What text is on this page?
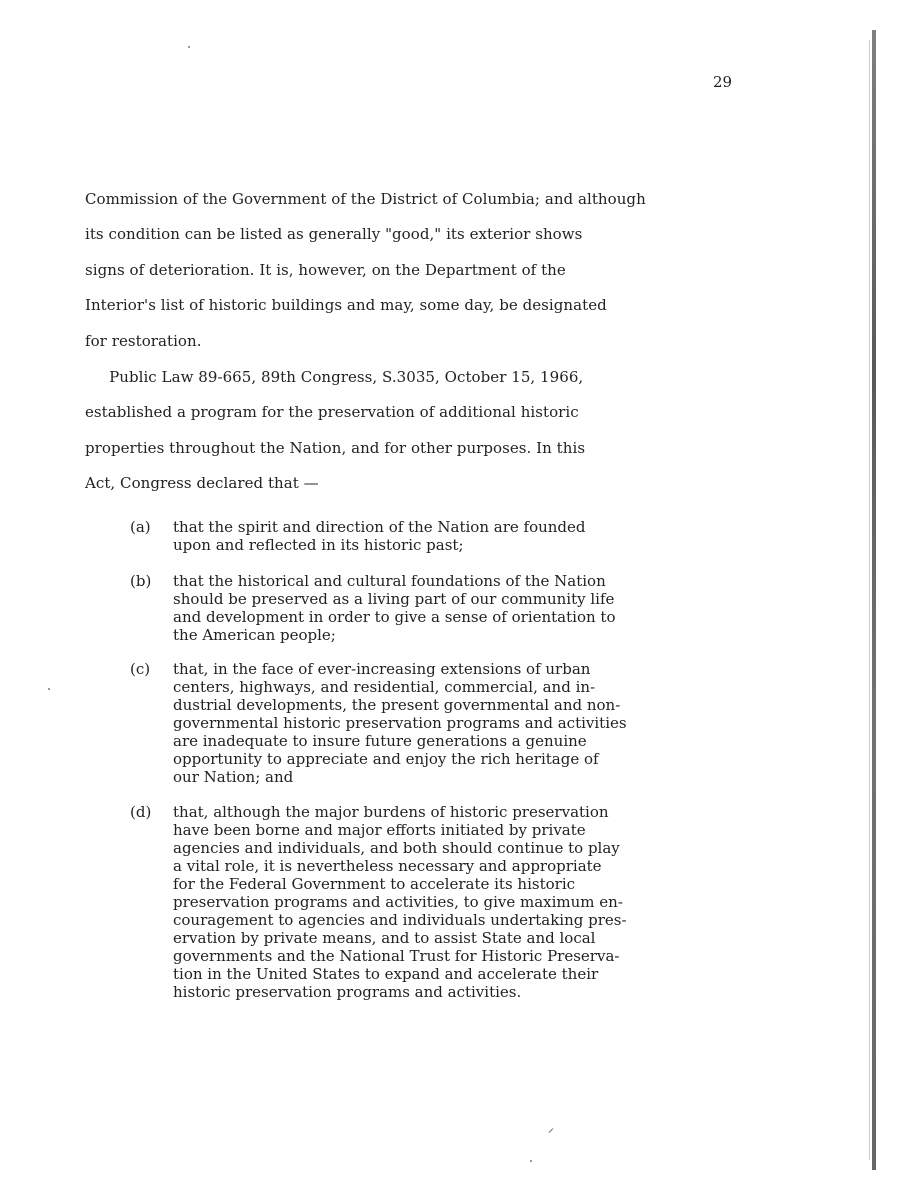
29
Commission of the Government of the District of Columbia; and although
its condition can be listed as generally "good," its exterior shows
signs of deterioration. It is, however, on the Department of the
Interior's list of historic buildings and may, some day, be designated
for restoration.
Public Law 89-665, 89th Congress, S.3035, October 15, 1966,
established a program for the preservation of additional historic
properties throughout the Nation, and for other purposes. In this
Act, Congress declared that —
(a) that the spirit and direction of the Nation are founded
upon and reflected in its historic past;
(b) that the historical and cultural foundations of the Nation
should be preserved as a living part of our community life
and development in order to give a sense of orientation to
the American people;
(c) that, in the face of ever-increasing extensions of urban
centers, highways, and residential, commercial, and in-
dustrial developments, the present governmental and non-
governmental historic preservation programs and activities
are inadequate to insure future generations a genuine
opportunity to appreciate and enjoy the rich heritage of
our Nation; and
(d) that, although the major burdens of historic preservation
have been borne and major efforts initiated by private
agencies and individuals, and both should continue to play
a vital role, it is nevertheless necessary and appropriate
for the Federal Government to accelerate its historic
preservation programs and activities, to give maximum en-
couragement to agencies and individuals undertaking pres-
ervation by private means, and to assist State and local
governments and the National Trust for Historic Preserva-
tion in the United States to expand and accelerate their
historic preservation programs and activities.
